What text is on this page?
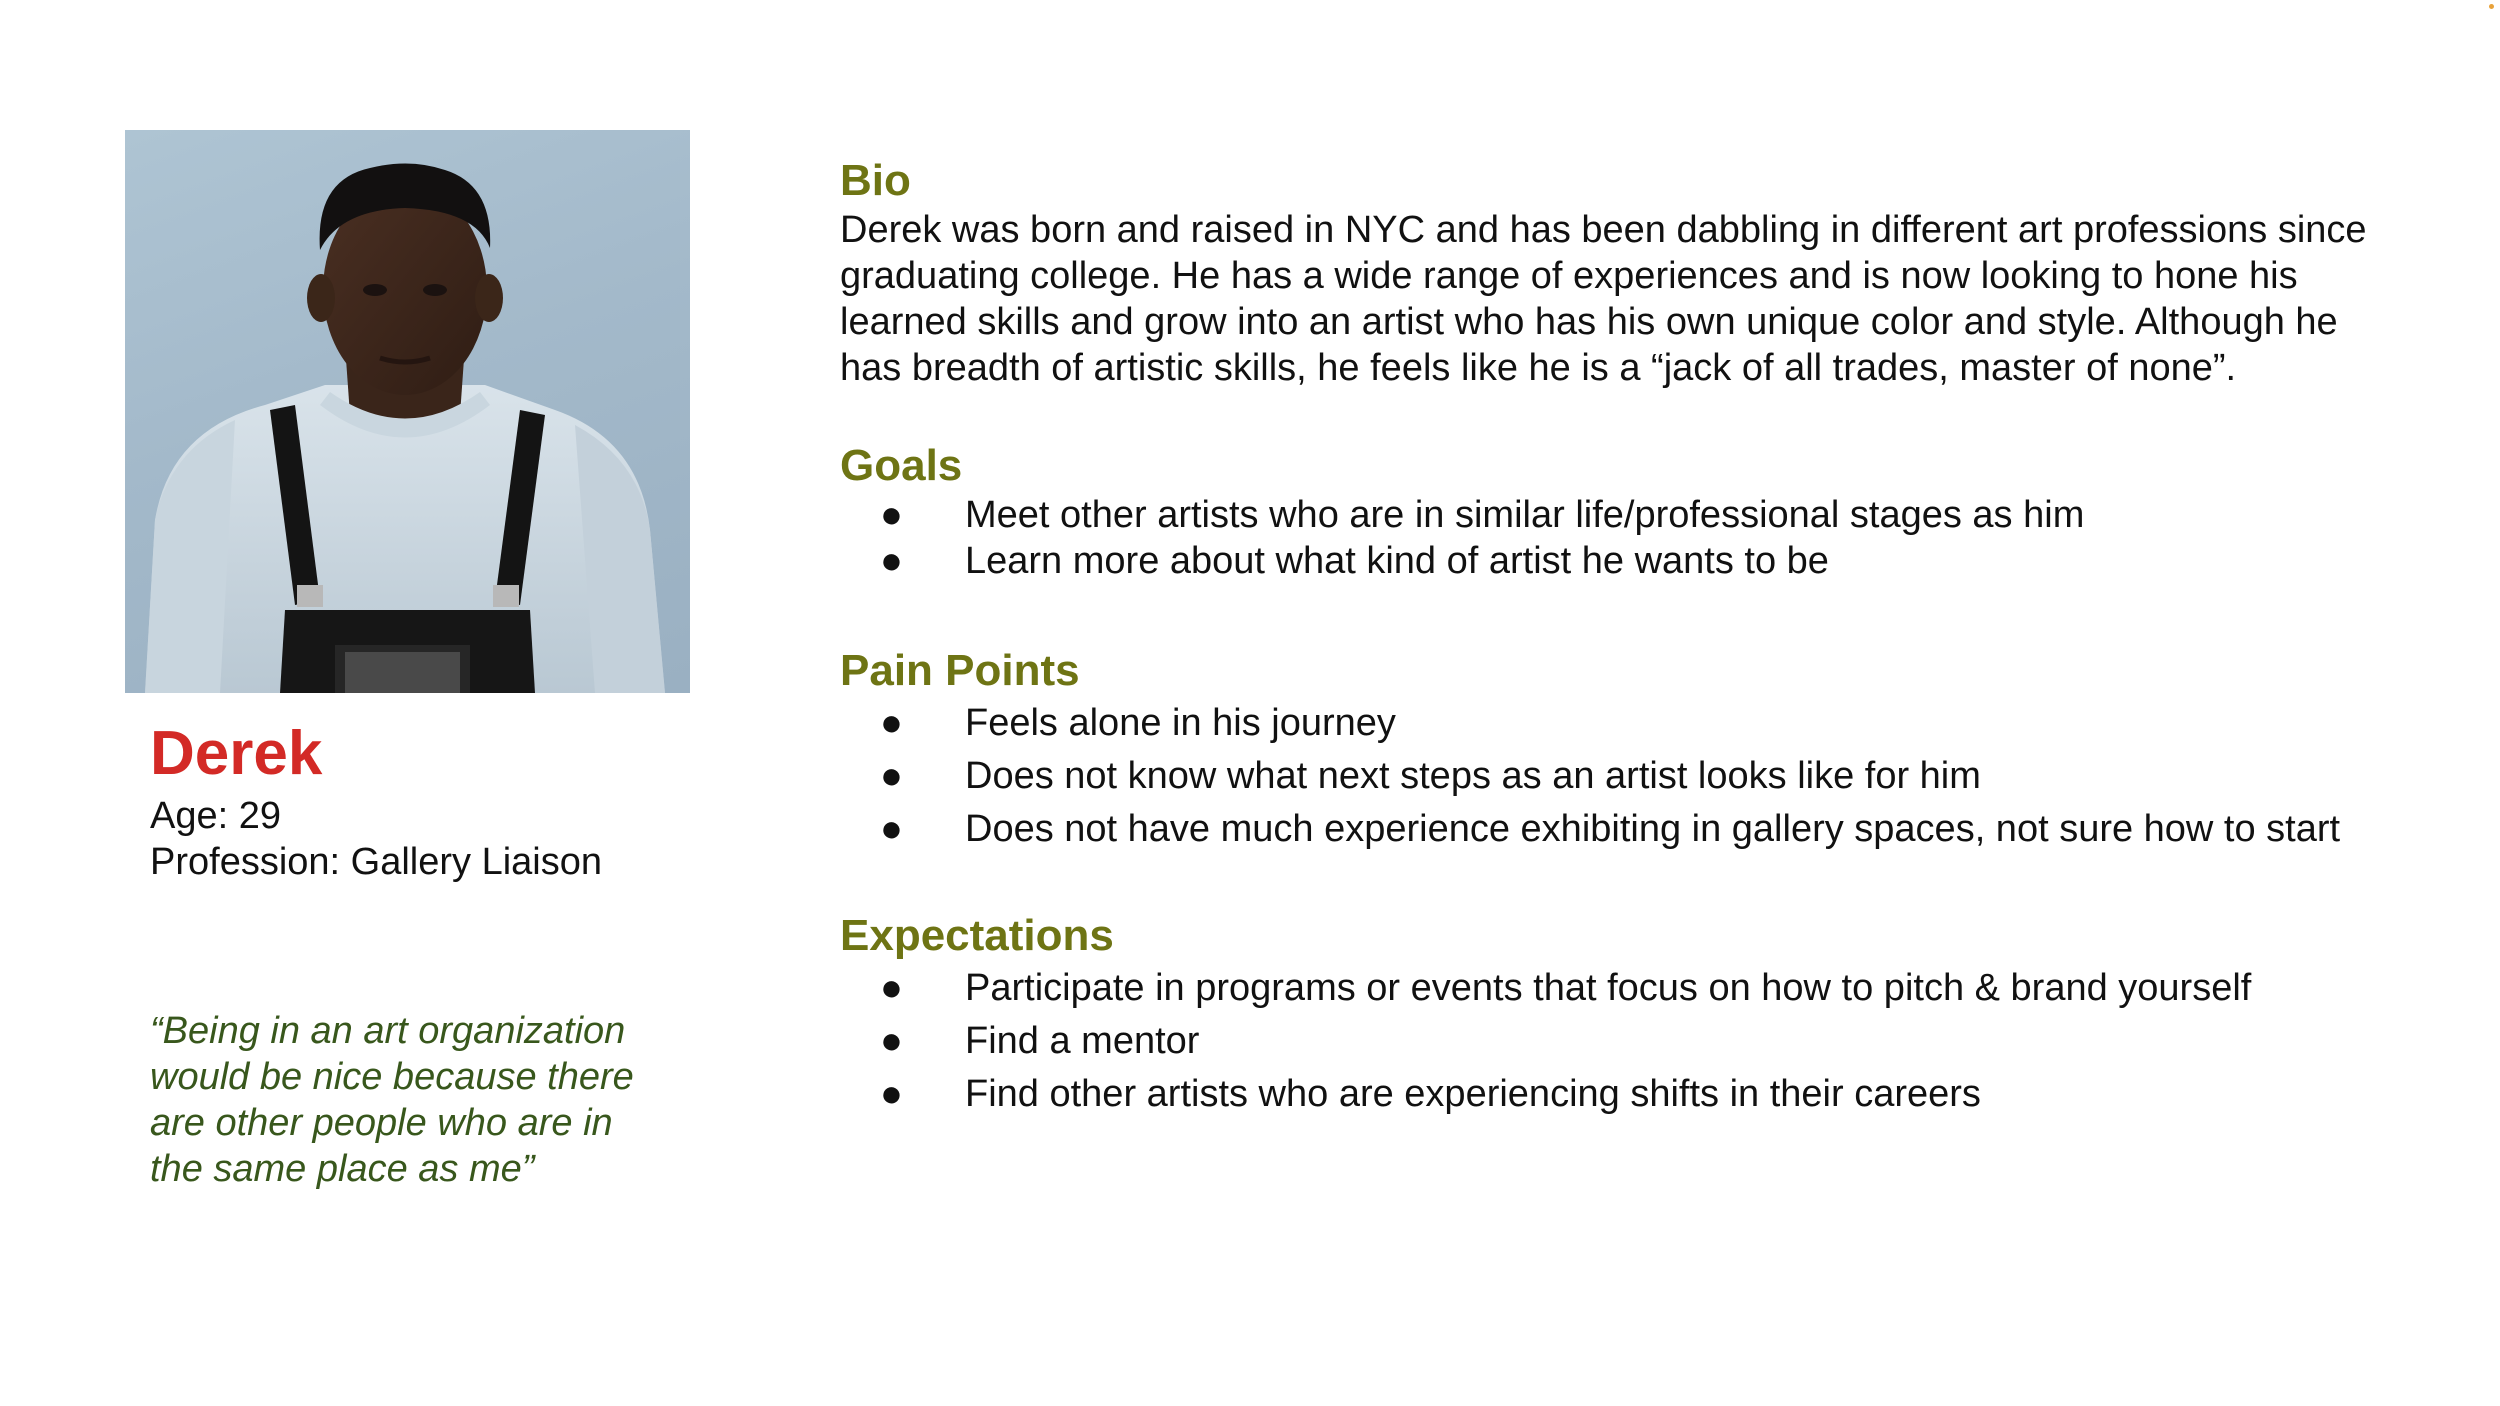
Derek

Age: 29

Profession: Gallery Liaison

“Being in an art organization would be nice because there are other people who are in the same place as me”

Bio

Derek was born and raised in NYC and has been dabbling in different art professions since graduating college. He has a wide range of experiences and is now looking to hone his learned skills and grow into an artist who has his own unique color and style. Although he has breadth of artistic skills, he feels like he is a “jack of all trades, master of none”.

Goals
● Meet other artists who are in similar life/professional stages as him
● Learn more about what kind of artist he wants to be
Pain Points
● Feels alone in his journey
● Does not know what next steps as an artist looks like for him
● Does not have much experience exhibiting in gallery spaces, not sure how to start
Expectations
● Participate in programs or events that focus on how to pitch & brand yourself
● Find a mentor
● Find other artists who are experiencing shifts in their careers
